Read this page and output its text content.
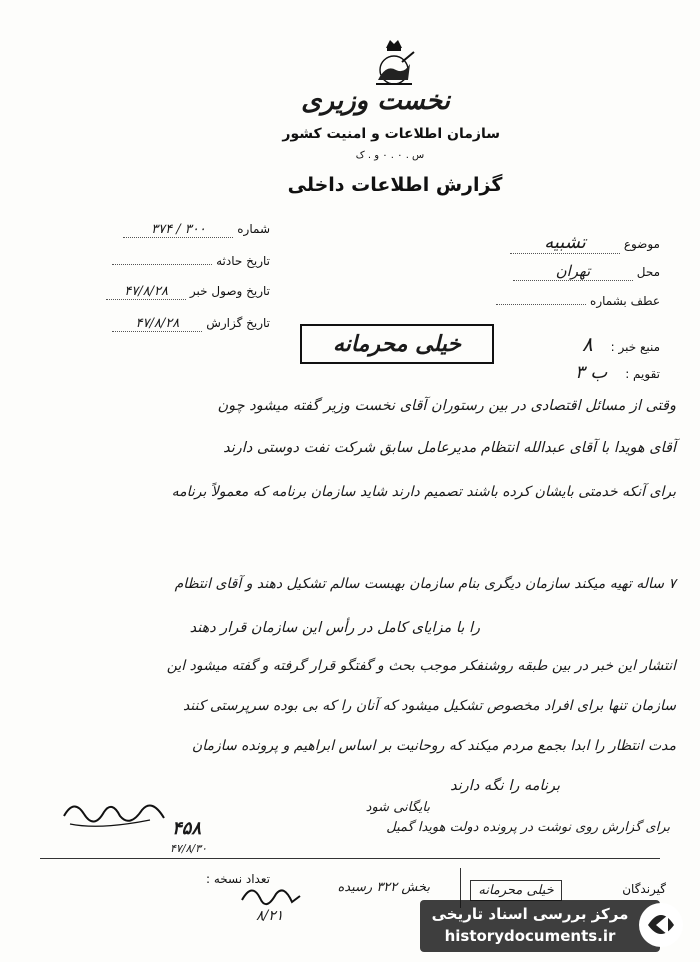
نخست وزیری
سازمان اطلاعات و امنیت کشور
س . ۰ . ۰ و . ک
گزارش اطلاعات داخلی
شماره ۳۰۰ / ۳۷۴
تاریخ حادثه
تاریخ وصول خبر ۴۷/۸/۲۸
تاریخ گزارش ۴۷/۸/۲۸
موضوع تشبیه
محل تهران
عطف بشماره
منبع خبر : ۸
تقویم : ب ۳
خیلی محرمانه
وقتی از مسائل اقتصادی در بین رستوران آقای نخست وزیر گفته میشود چون
آقای هویدا با آقای عبدالله انتظام مدیرعامل سابق شرکت نفت دوستی دارند
برای آنکه خدمتی بایشان کرده باشند تصمیم دارند شاید سازمان برنامه که معمولاً برنامه
۷ ساله تهیه میکند سازمان دیگری بنام سازمان بهبست سالم تشکیل دهند و آقای انتظام
را با مزایای کامل در رأس این سازمان قرار دهند
انتشار این خبر در بین طبقه روشنفکر موجب بحث و گفتگو قرار گرفته و گفته میشود این
سازمان تنها برای افراد مخصوص تشکیل میشود که آنان را که بی بوده سرپرستی کنند
مدت انتظار را ابدا بجمع مردم میکند که روحانیت بر اساس ابراهیم و پرونده سازمان
برنامه را نگه دارند
بایگانی شود
برای گزارش روی نوشت در پرونده دولت هویدا گمیل
۴۵۸
۴۷/۸/۳۰
تعداد نسخه :
بخش ۳۲۲ رسیده
۸/۲۱
خیلی محرمانه	گیرندگان
مرکز بررسی اسناد تاریخی
historydocuments.ir
